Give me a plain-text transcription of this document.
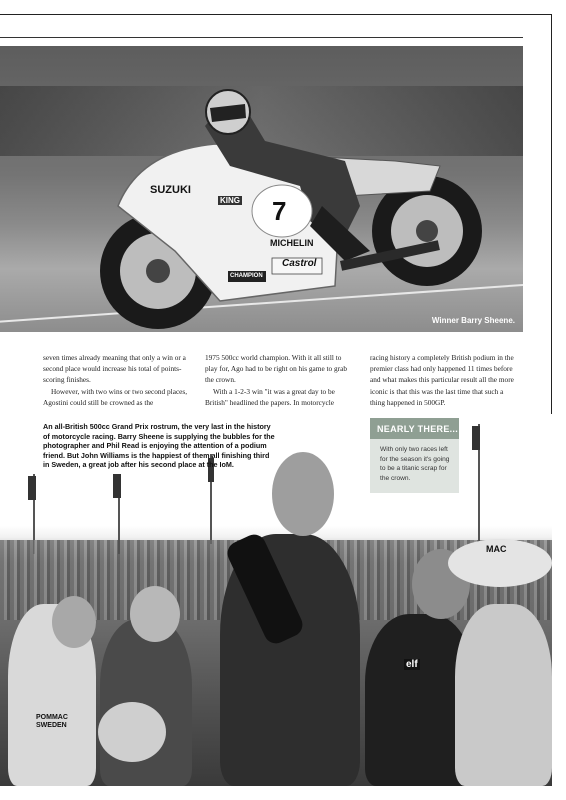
SUZUKI
KING 7
CHAMPION
MICHELIN
Castrol
Winner Barry Sheene.

seven times already meaning that only a win or a second place would increase his total of points-scoring finishes.

However, with two wins or two second places, Agostini could still be crowned as the

1975 500cc world champion. With it all still to play for, Ago had to be right on his game to grab the crown.

With a 1-2-3 win "it was a great day to be British" headlined the papers. In motorcycle

racing history a completely British podium in the premier class had only happened 11 times before and what makes this particular result all the more iconic is that this was the last time that such a thing happened in 500GP.

POMMAC SWEDEN
elf
MAC
An all-British 500cc Grand Prix rostrum, the very last in the history of motorcycle racing. Barry Sheene is supplying the bubbles for the photographer and Phil Read is enjoying the attention of a podium friend. But John Williams is the happiest of them all finishing third in Sweden, a great job after his second place at the IoM.
NEARLY THERE...
With only two races left for the season it's going to be a titanic scrap for the crown.
